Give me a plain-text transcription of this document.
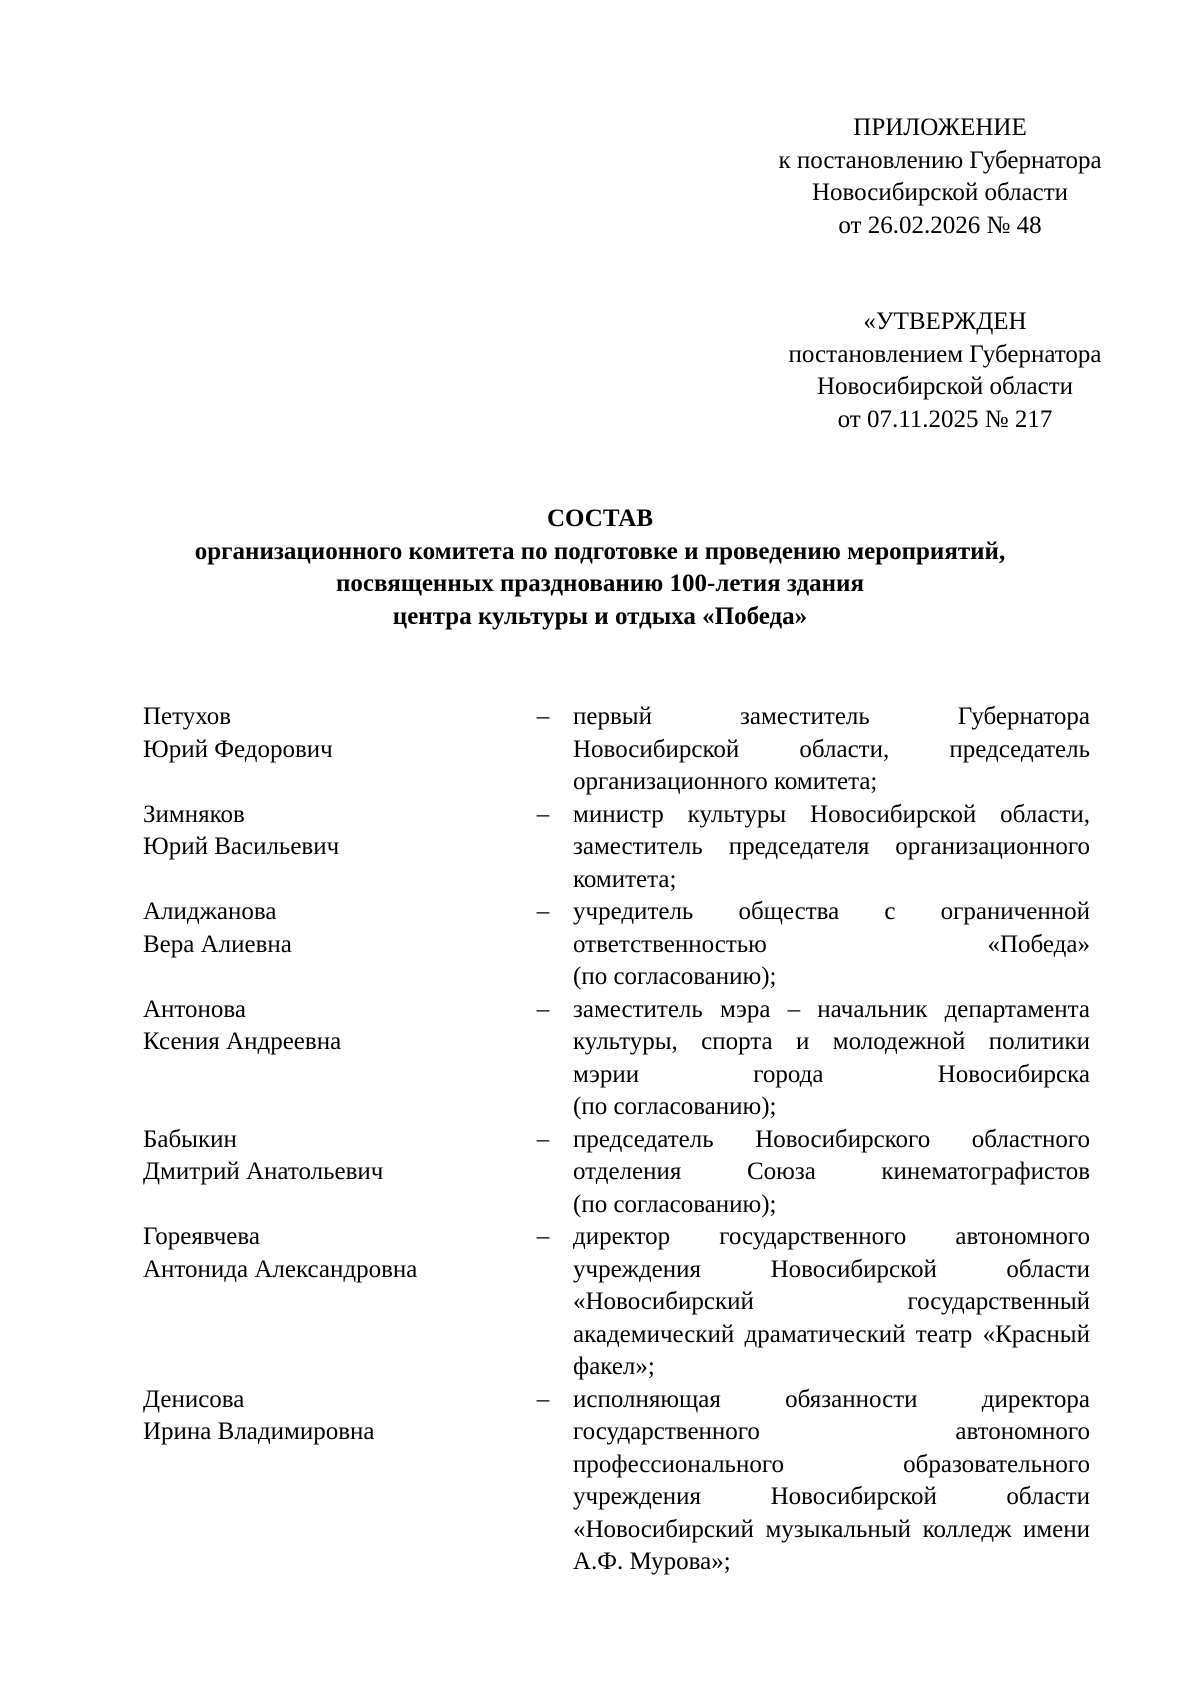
ПРИЛОЖЕНИЕ
к постановлению Губернатора
Новосибирской области
от 26.02.2026 № 48
«УТВЕРЖДЕН
постановлением Губернатора
Новосибирской области
от 07.11.2025 № 217
СОСТАВ
организационного комитета по подготовке и проведению мероприятий,
посвященных празднованию 100-летия здания
центра культуры и отдыха «Победа»
Петухов
Юрий Федорович
– первый заместитель Губернатора
Новосибирской области, председатель
организационного комитета;
Зимняков
Юрий Васильевич
– министр культуры Новосибирской области,
заместитель председателя организационного
комитета;
Алиджанова
Вера Алиевна
– учредитель общества с ограниченной
ответственностью «Победа»
(по согласованию);
Антонова
Ксения Андреевна
– заместитель мэра – начальник департамента
культуры, спорта и молодежной политики
мэрии города Новосибирска
(по согласованию);
Бабыкин
Дмитрий Анатольевич
– председатель Новосибирского областного
отделения Союза кинематографистов
(по согласованию);
Гореявчева
Антонида Александровна
– директор государственного автономного
учреждения Новосибирской области
«Новосибирский государственный
академический драматический театр «Красный
факел»;
Денисова
Ирина Владимировна
– исполняющая обязанности директора
государственного автономного
профессионального образовательного
учреждения Новосибирской области
«Новосибирский музыкальный колледж имени
А.Ф. Мурова»;
